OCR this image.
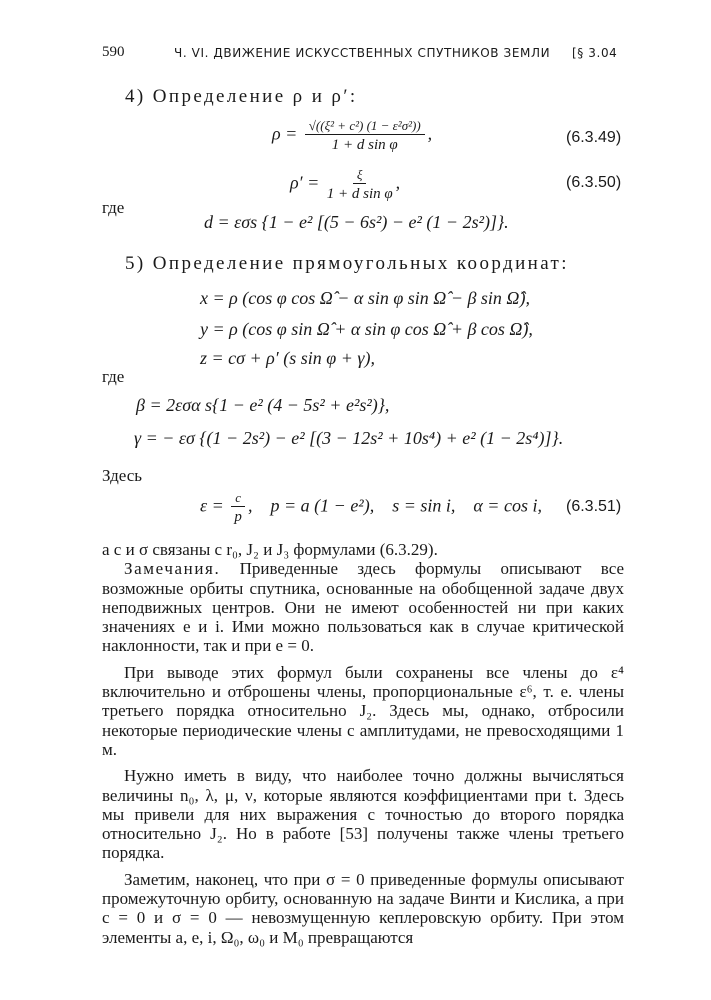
590	Ч. VI. ДВИЖЕНИЕ ИСКУССТВЕННЫХ СПУТНИКОВ ЗЕМЛИ [§ 3.04
4) Определение ρ и ρ′:
$\rho = \frac{\text{√((ξ² + c²) (1 − ε²σ²))}}{\text{1 + d sin φ}}$ ,	(6.3.49)
$\rho' = \frac{\xi}{\text{1 + d sin φ}}$ ,	(6.3.50)
где
d = εσs {1 − e² [(5 − 6s²) − e² (1 − 2s²)]}.
5) Определение прямоугольных координат:
x = ρ (cos φ cos Ω̂ − α sin φ sin Ω̂ − β sin Ω̂),
y = ρ (cos φ sin Ω̂ + α sin φ cos Ω̂ + β cos Ω̂),
z = cσ + ρ′ (s sin φ + γ),
где
β = 2εσα s{1 − e² (4 − 5s² + e²s²)},
γ = − εσ {(1 − 2s²) − e² [(3 − 12s² + 10s⁴) + e² (1 − 2s⁴)]}.
Здесь
$\varepsilon = \frac{c}{p}$ ,    p = a (1 − e²),    s = sin i,    α = cos i, (6.3.51)

а c и σ связаны с r₀, J₂ и J₃ формулами (6.3.29).

Замечания. Приведенные здесь формулы описывают все возможные орбиты спутника, основанные на обобщенной задаче двух неподвижных центров. Они не имеют особенностей ни при каких значениях e и i. Ими можно пользоваться как в случае критической наклонности, так и при e = 0.

При выводе этих формул были сохранены все члены до ε⁴ включительно и отброшены члены, пропорциональные ε⁶, т. е. члены третьего порядка относительно J₂. Здесь мы, однако, отбросили некоторые периодические члены с амплитудами, не превосходящими 1 м.

Нужно иметь в виду, что наиболее точно должны вычисляться величины n₀, λ, μ, ν, которые являются коэффициентами при t. Здесь мы привели для них выражения с точностью до второго порядка относительно J₂. Но в работе [53] получены также члены третьего порядка.

Заметим, наконец, что при σ = 0 приведенные формулы описывают промежуточную орбиту, основанную на задаче Винти и Кислика, а при c = 0 и σ = 0 — невозмущенную кеплеровскую орбиту. При этом элементы a, e, i, Ω₀, ω₀ и M₀ превращаются
